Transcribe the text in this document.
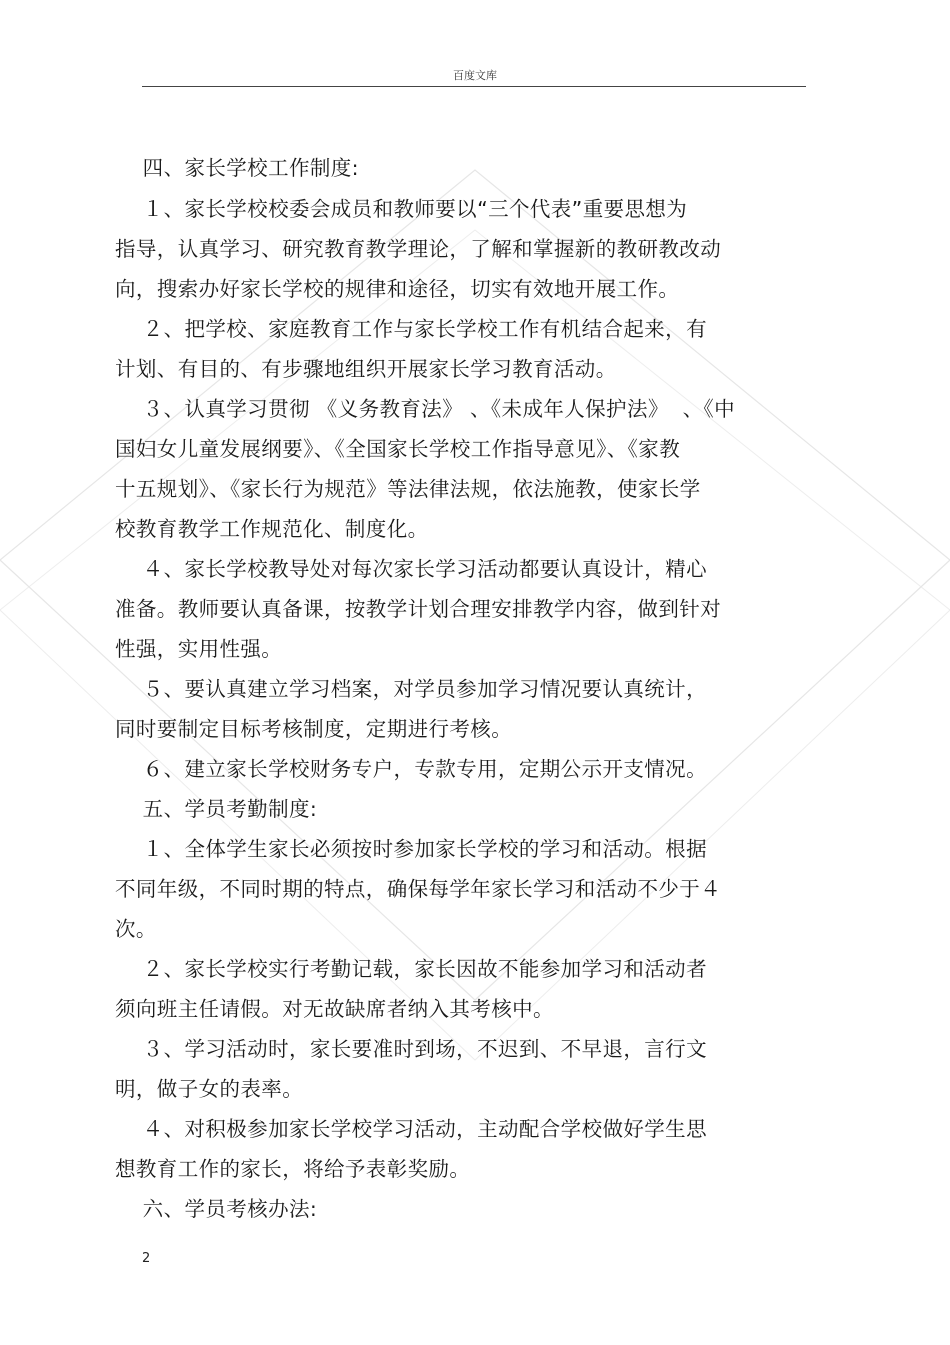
百度文库
四、家长学校工作制度:
１、家长学校校委会成员和教师要以“三个代表”重要思想为
指导，认真学习、研究教育教学理论，了解和掌握新的教研教改动
向，搜索办好家长学校的规律和途径，切实有效地开展工作。
２、把学校、家庭教育工作与家长学校工作有机结合起来，有
计划、有目的、有步骤地组织开展家长学习教育活动。
３、认真学习贯彻 《义务教育法》 、《未成年人保护法》  、《中
国妇女儿童发展纲要》、《全国家长学校工作指导意见》、《家教
十五规划》、《家长行为规范》等法律法规，依法施教，使家长学
校教育教学工作规范化、制度化。
４、家长学校教导处对每次家长学习活动都要认真设计，精心
准备。教师要认真备课，按教学计划合理安排教学内容，做到针对
性强，实用性强。
５、要认真建立学习档案，对学员参加学习情况要认真统计，
同时要制定目标考核制度，定期进行考核。
６、建立家长学校财务专户，专款专用，定期公示开支情况。
五、学员考勤制度:
１、全体学生家长必须按时参加家长学校的学习和活动。根据
不同年级，不同时期的特点，确保每学年家长学习和活动不少于４
次。
２、家长学校实行考勤记载，家长因故不能参加学习和活动者
须向班主任请假。对无故缺席者纳入其考核中。
３、学习活动时，家长要准时到场，不迟到、不早退，言行文
明，做子女的表率。
４、对积极参加家长学校学习活动，主动配合学校做好学生思
想教育工作的家长，将给予表彰奖励。
六、学员考核办法:
2
